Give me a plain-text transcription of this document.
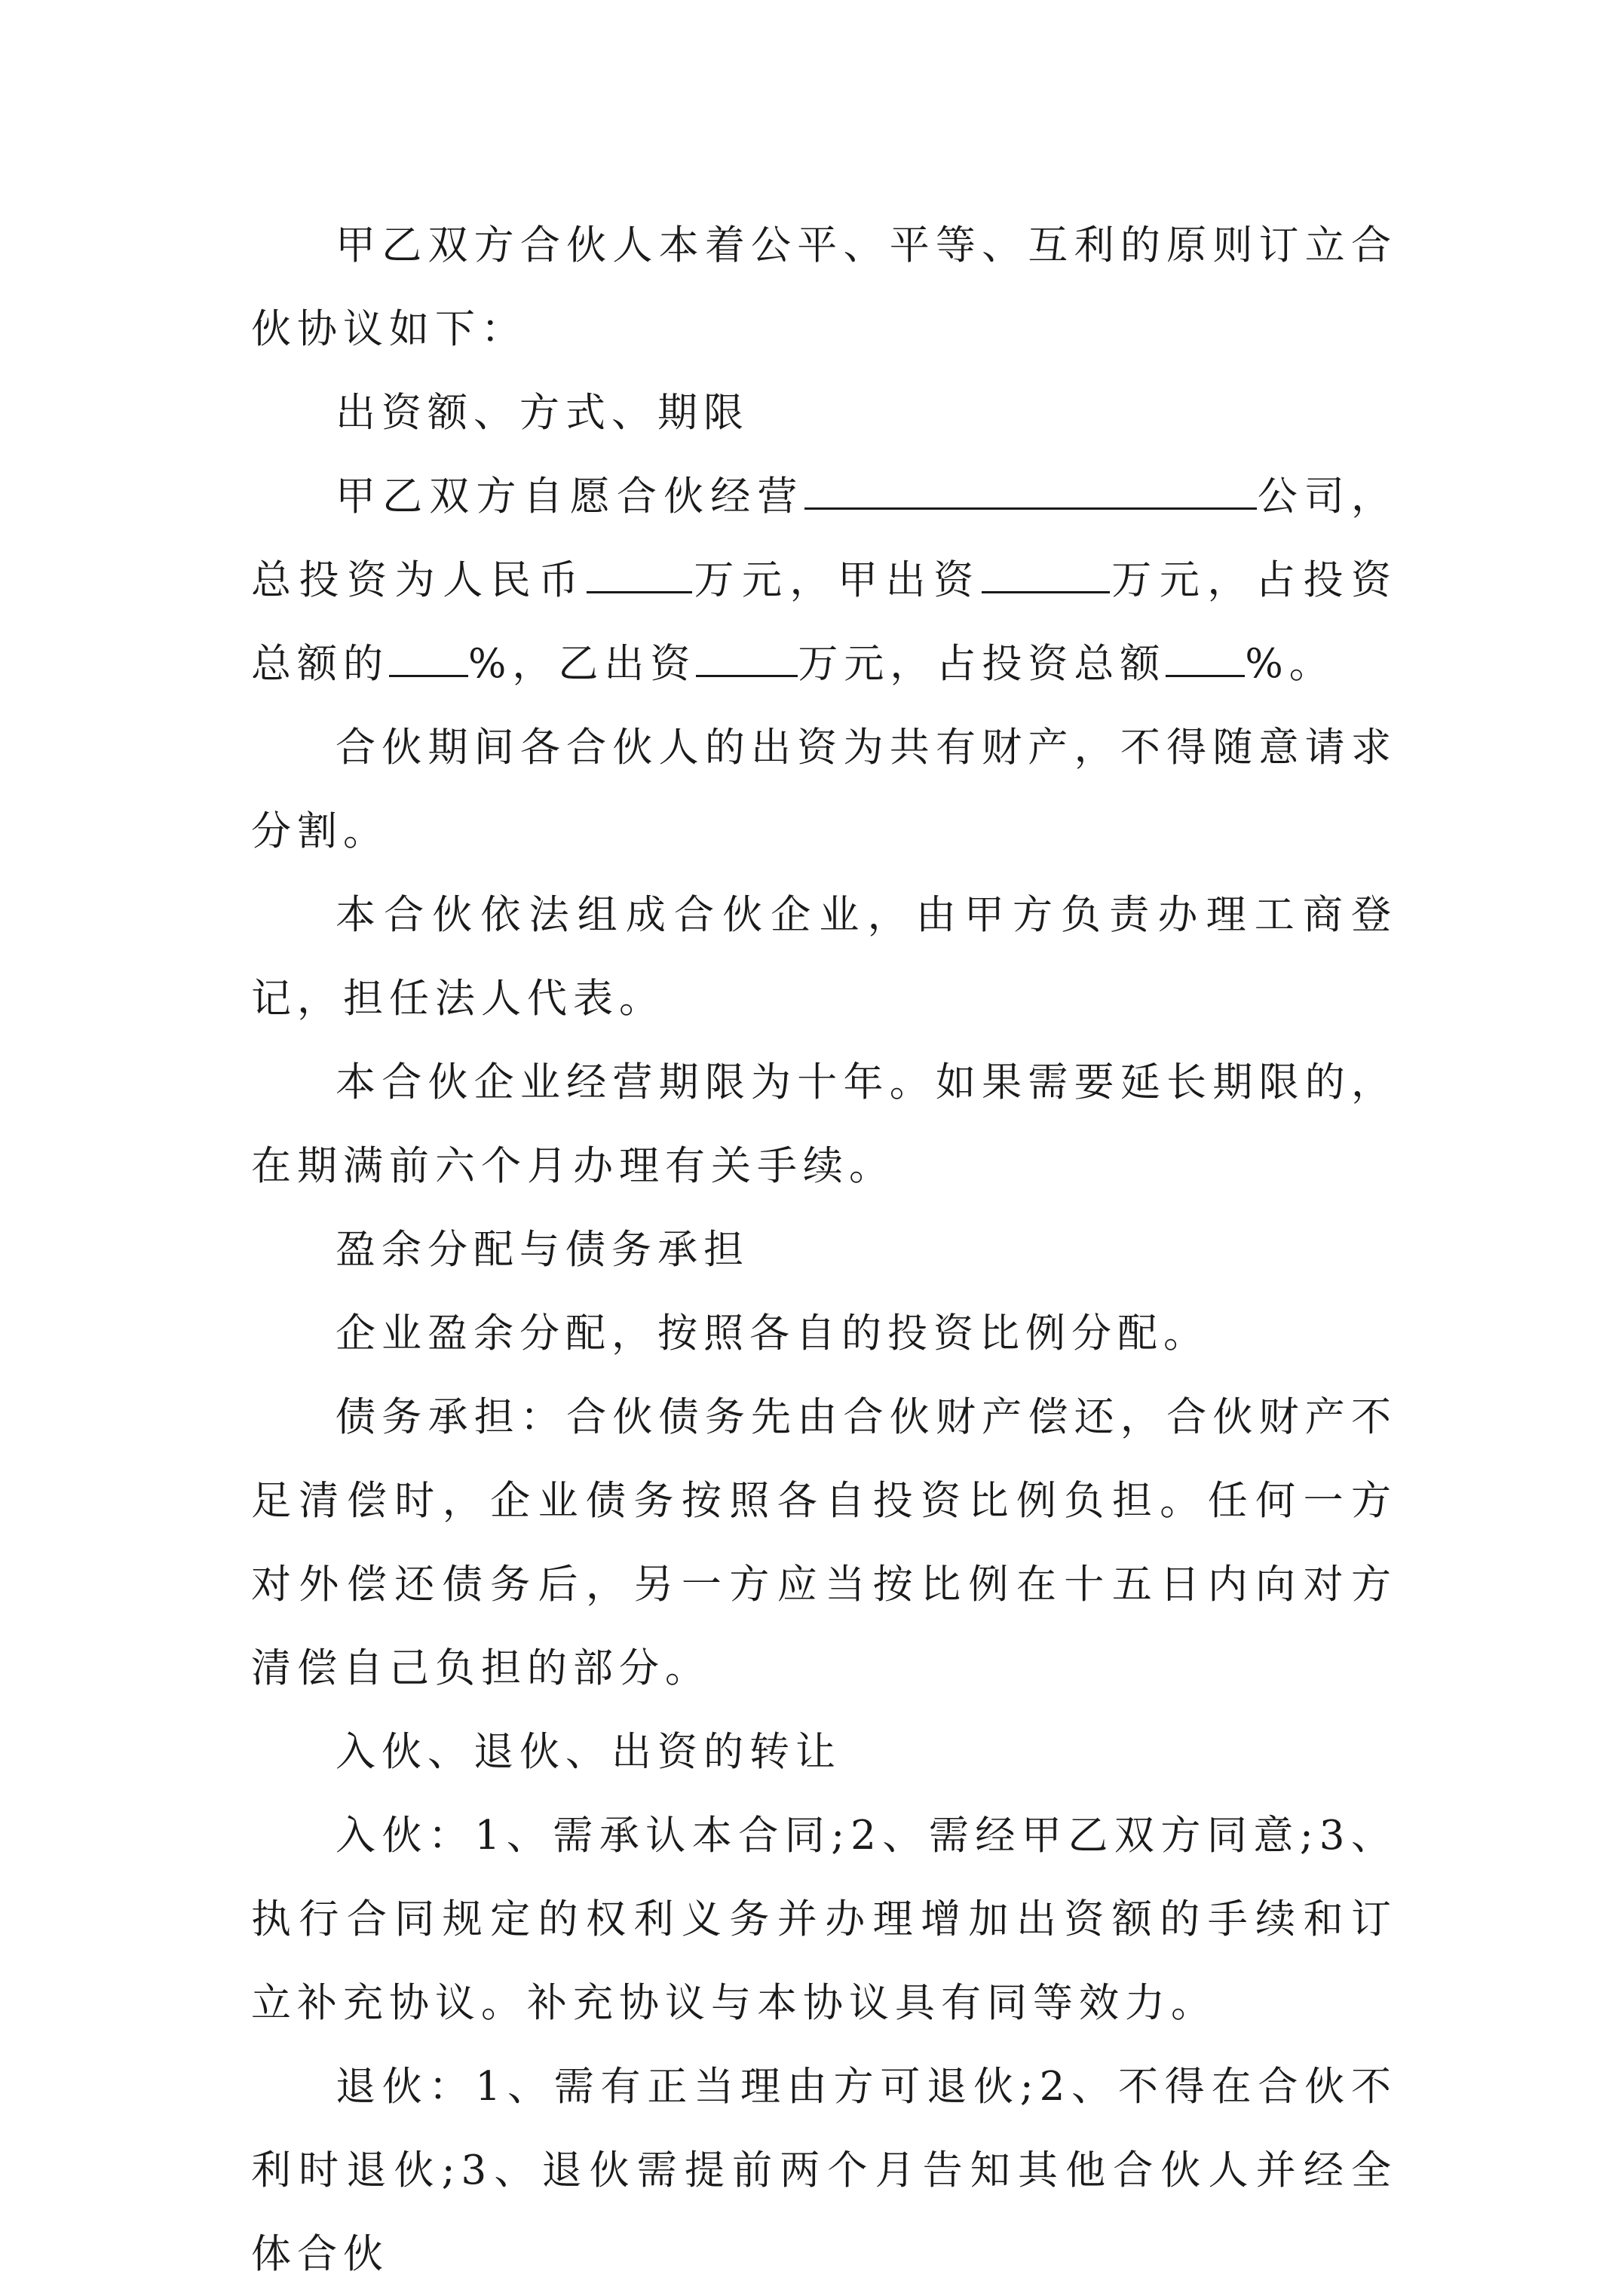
甲乙双方合伙人本着公平、平等、互利的原则订立合伙协议如下：

出资额、方式、期限

甲乙双方自愿合伙经营	公司，总投资为人民币	万元，甲出资	万元，占投资总额的 %，乙出资	万元，占投资总额 %。

合伙期间各合伙人的出资为共有财产，不得随意请求分割。

本合伙依法组成合伙企业，由甲方负责办理工商登记，担任法人代表。

本合伙企业经营期限为十年。如果需要延长期限的，在期满前六个月办理有关手续。

盈余分配与债务承担

企业盈余分配，按照各自的投资比例分配。

债务承担：合伙债务先由合伙财产偿还，合伙财产不足清偿时，企业债务按照各自投资比例负担。任何一方对外偿还债务后，另一方应当按比例在十五日内向对方清偿自己负担的部分。

入伙、退伙、出资的转让

入伙：1、需承认本合同;2、需经甲乙双方同意;3、执行合同规定的权利义务并办理增加出资额的手续和订立补充协议。补充协议与本协议具有同等效力。

退伙：1、需有正当理由方可退伙;2、不得在合伙不利时退伙;3、退伙需提前两个月告知其他合伙人并经全体合伙
